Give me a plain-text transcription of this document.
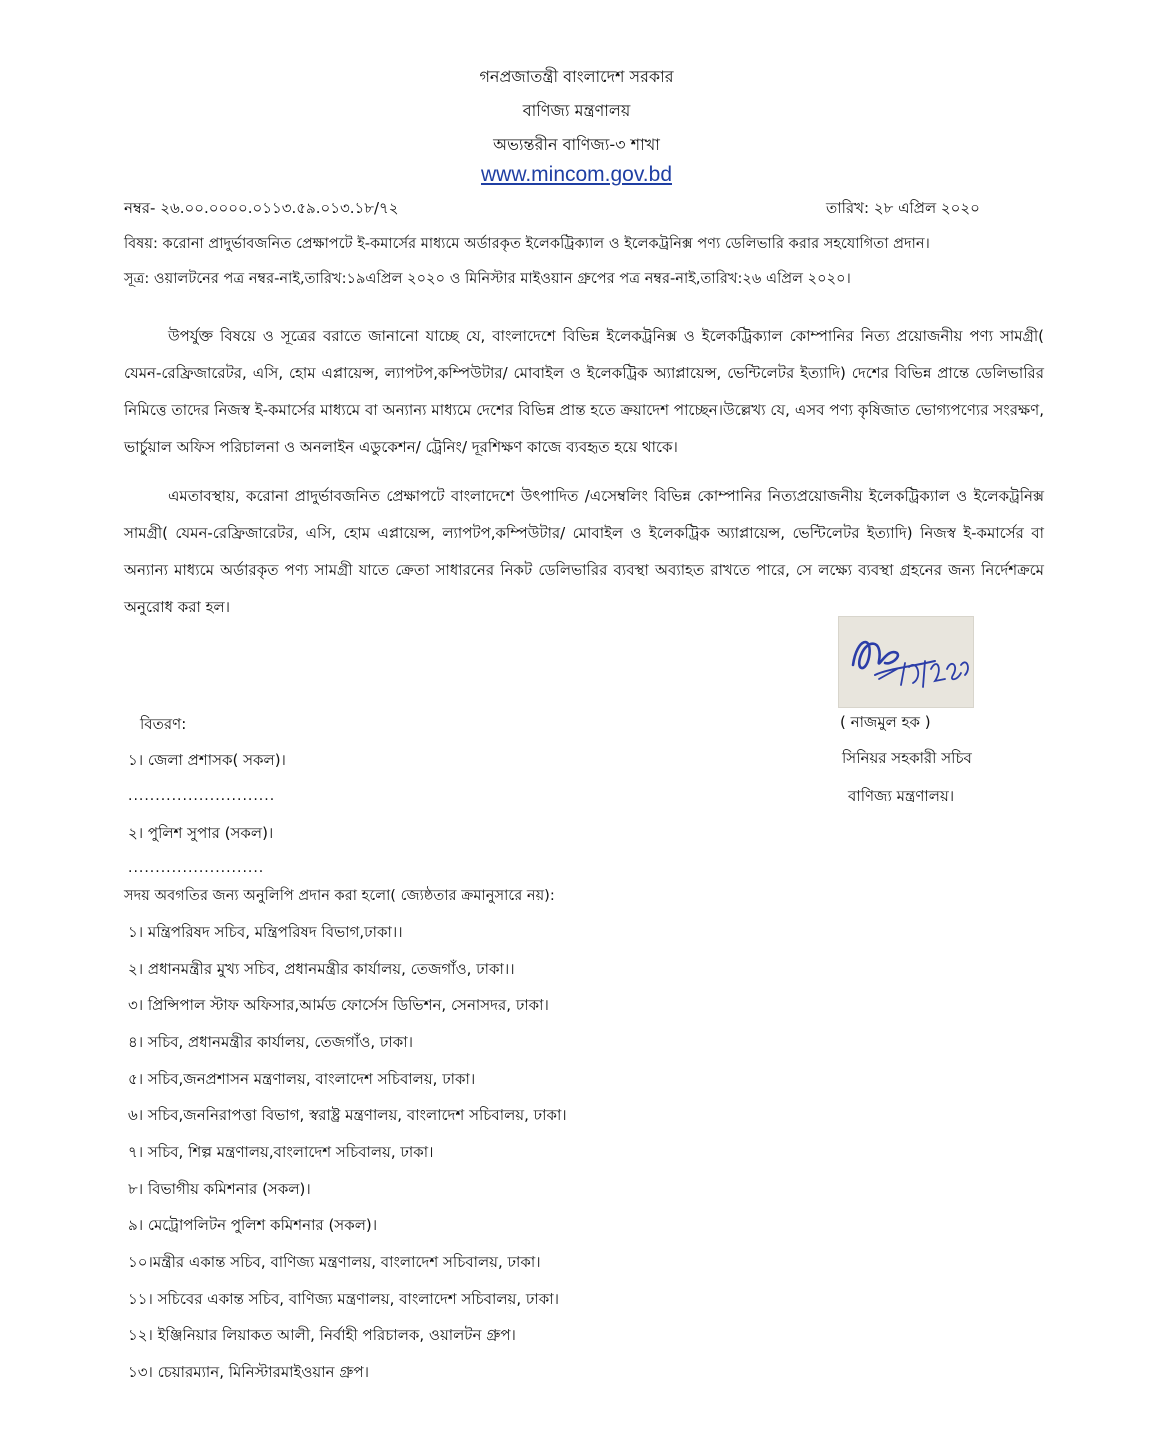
গনপ্রজাতন্ত্রী বাংলাদেশ সরকার
বাণিজ্য মন্ত্রণালয়
অভ্যন্তরীন বাণিজ্য-৩ শাখা
www.mincom.gov.bd
নম্বর- ২৬.০০.০০০০.০১১৩.৫৯.০১৩.১৮/৭২	তারিখ: ২৮ এপ্রিল ২০২০
বিষয়: করোনা প্রাদুর্ভাবজনিত প্রেক্ষাপটে ই-কমার্সের মাধ্যমে অর্ডারকৃত ইলেকট্রিক্যাল ও ইলেকট্রনিক্স পণ্য ডেলিভারি করার সহযোগিতা প্রদান।
সূত্র: ওয়ালটনের পত্র নম্বর-নাই,তারিখ:১৯এপ্রিল ২০২০ ও মিনিস্টার মাইওয়ান গ্রুপের পত্র নম্বর-নাই,তারিখ:২৬ এপ্রিল ২০২০।
উপর্যুক্ত বিষয়ে ও সূত্রের বরাতে জানানো যাচ্ছে যে, বাংলাদেশে বিভিন্ন ইলেকট্রনিক্স ও ইলেকট্রিক্যাল কোম্পানির নিত্য প্রয়োজনীয় পণ্য সামগ্রী( যেমন-রেফ্রিজারেটর, এসি, হোম এপ্লায়েন্স, ল্যাপটপ,কম্পিউটার/ মোবাইল ও ইলেকট্রিক অ্যাপ্লায়েন্স, ভেন্টিলেটর ইত্যাদি) দেশের বিভিন্ন প্রান্তে ডেলিভারির নিমিত্তে তাদের নিজস্ব ই-কমার্সের মাধ্যমে বা অন্যান্য মাধ্যমে দেশের বিভিন্ন প্রান্ত হতে ক্রয়াদেশ পাচ্ছেন।উল্লেখ্য যে, এসব পণ্য কৃষিজাত ভোগ্যপণ্যের সংরক্ষণ, ভার্চুয়াল অফিস পরিচালনা ও অনলাইন এডুকেশন/ ট্রেনিং/ দূরশিক্ষণ কাজে ব্যবহৃত হয়ে থাকে।
এমতাবস্থায়, করোনা প্রাদুর্ভাবজনিত প্রেক্ষাপটে বাংলাদেশে উৎপাদিত /এসেম্বলিং বিভিন্ন কোম্পানির নিত্যপ্রয়োজনীয় ইলেকট্রিক্যাল ও ইলেকট্রনিক্স সামগ্রী( যেমন-রেফ্রিজারেটর, এসি, হোম এপ্লায়েন্স, ল্যাপটপ,কম্পিউটার/ মোবাইল ও ইলেকট্রিক অ্যাপ্লায়েন্স, ভেন্টিলেটর ইত্যাদি) নিজস্ব ই-কমার্সের বা অন্যান্য মাধ্যমে অর্ডারকৃত পণ্য সামগ্রী যাতে ক্রেতা সাধারনের নিকট ডেলিভারির ব্যবস্থা অব্যাহত রাখতে পারে, সে লক্ষ্যে ব্যবস্থা গ্রহনের জন্য নির্দেশক্রমে অনুরোধ করা হল।
বিতরণ:
১। জেলা প্রশাসক( সকল)।
...........................
২। পুলিশ সুপার (সকল)।
.........................
( নাজমুল হক )
সিনিয়র সহকারী সচিব
বাণিজ্য মন্ত্রণালয়।
সদয় অবগতির জন্য অনুলিপি প্রদান করা হলো( জ্যেষ্ঠতার ক্রমানুসারে নয়):
১। মন্ত্রিপরিষদ সচিব, মন্ত্রিপরিষদ বিভাগ,ঢাকা।।
২। প্রধানমন্ত্রীর মুখ্য সচিব, প্রধানমন্ত্রীর কার্যালয়, তেজগাঁও, ঢাকা।।
৩। প্রিন্সিপাল স্টাফ অফিসার,আর্মড ফোর্সেস ডিভিশন, সেনাসদর, ঢাকা।
৪। সচিব, প্রধানমন্ত্রীর কার্যালয়, তেজগাঁও, ঢাকা।
৫। সচিব,জনপ্রশাসন মন্ত্রণালয়, বাংলাদেশ সচিবালয়, ঢাকা।
৬। সচিব,জননিরাপত্তা বিভাগ, স্বরাষ্ট্র মন্ত্রণালয়, বাংলাদেশ সচিবালয়, ঢাকা।
৭। সচিব, শিল্প মন্ত্রণালয়,বাংলাদেশ সচিবালয়, ঢাকা।
৮। বিভাগীয় কমিশনার (সকল)।
৯। মেট্রোপলিটন পুলিশ কমিশনার (সকল)।
১০।মন্ত্রীর একান্ত সচিব, বাণিজ্য মন্ত্রণালয়, বাংলাদেশ সচিবালয়, ঢাকা।
১১। সচিবের একান্ত সচিব, বাণিজ্য মন্ত্রণালয়, বাংলাদেশ সচিবালয়, ঢাকা।
১২। ইঞ্জিনিয়ার লিয়াকত আলী, নির্বাহী পরিচালক, ওয়ালটন গ্রুপ।
১৩। চেয়ারম্যান, মিনিস্টারমাইওয়ান গ্রুপ।
